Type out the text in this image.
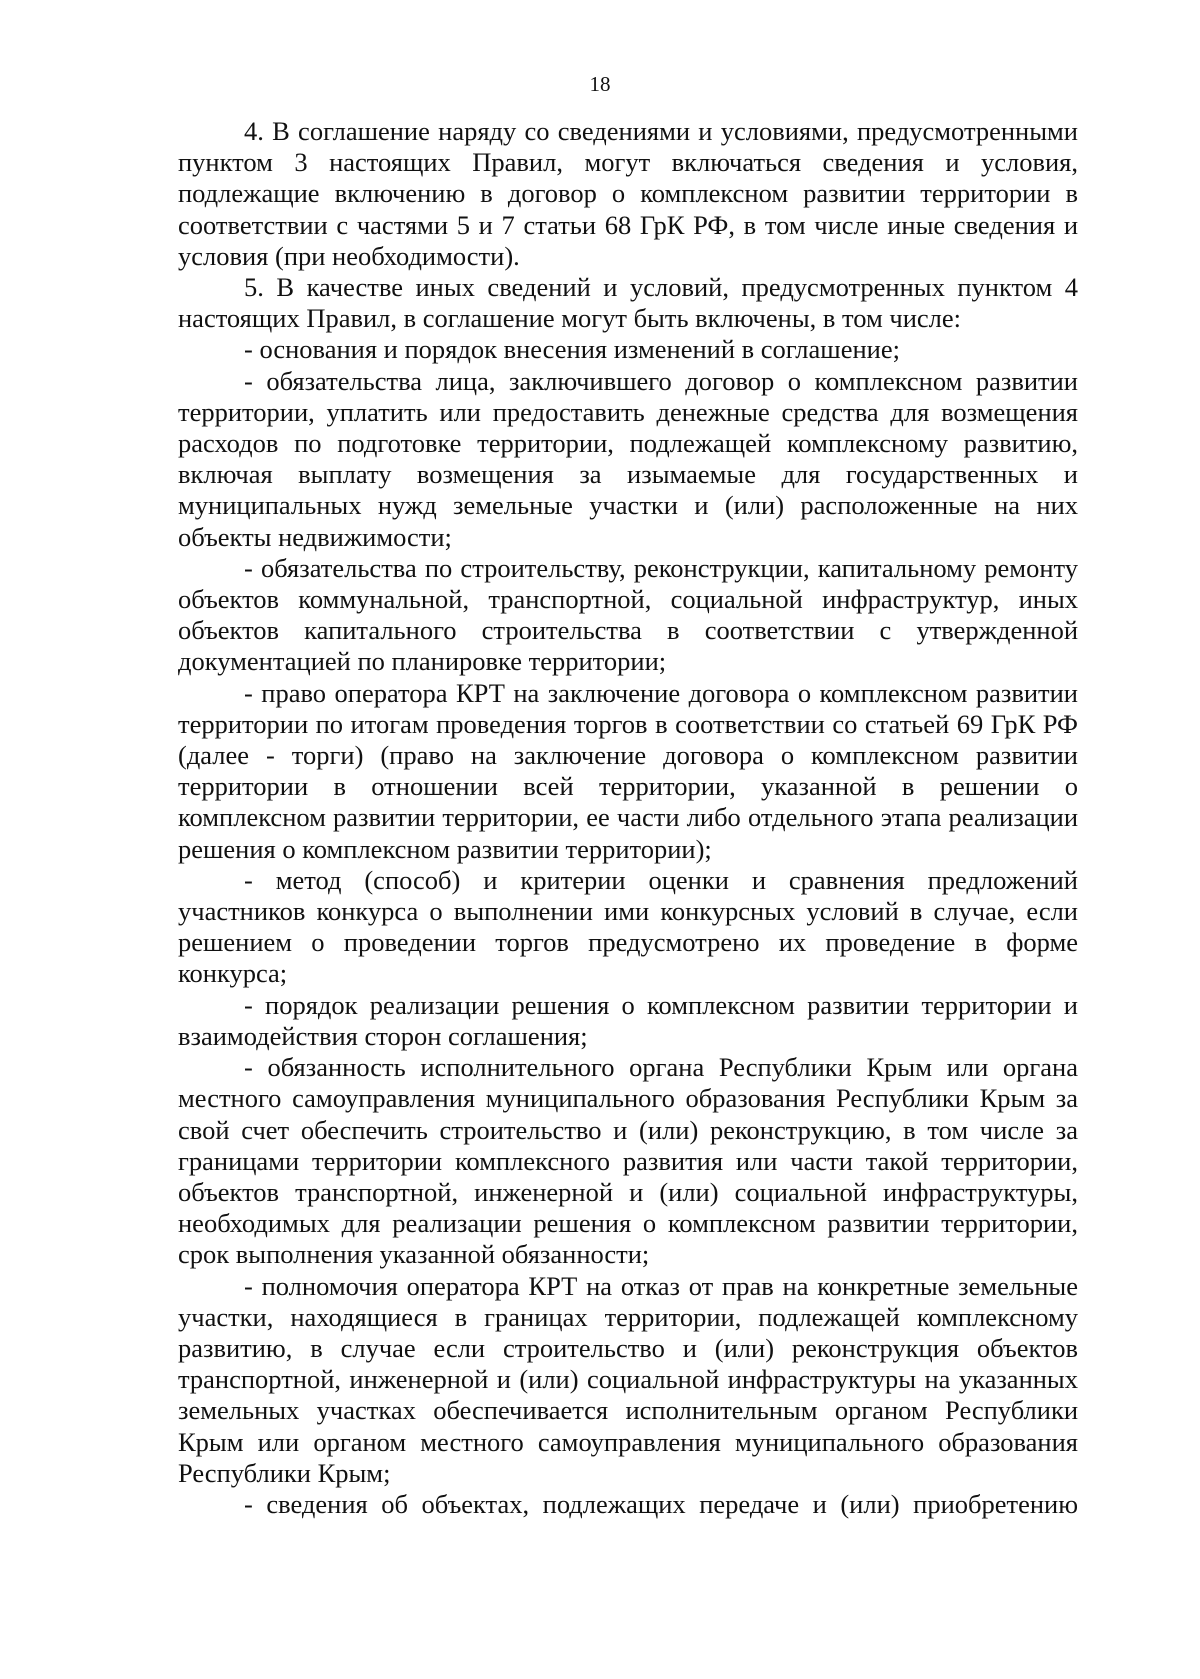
18

4. В соглашение наряду со сведениями и условиями, предусмотренными пунктом 3 настоящих Правил, могут включаться сведения и условия, подлежащие включению в договор о комплексном развитии территории в соответствии с частями 5 и 7 статьи 68 ГрК РФ, в том числе иные сведения и условия (при необходимости).

5. В качестве иных сведений и условий, предусмотренных пунктом 4 настоящих Правил, в соглашение могут быть включены, в том числе:

- основания и порядок внесения изменений в соглашение;

- обязательства лица, заключившего договор о комплексном развитии территории, уплатить или предоставить денежные средства для возмещения расходов по подготовке территории, подлежащей комплексному развитию, включая выплату возмещения за изымаемые для государственных и муниципальных нужд земельные участки и (или) расположенные на них объекты недвижимости;

- обязательства по строительству, реконструкции, капитальному ремонту объектов коммунальной, транспортной, социальной инфраструктур, иных объектов капитального строительства в соответствии с утвержденной документацией по планировке территории;

- право оператора КРТ на заключение договора о комплексном развитии территории по итогам проведения торгов в соответствии со статьей 69 ГрК РФ (далее - торги) (право на заключение договора о комплексном развитии территории в отношении всей территории, указанной в решении о комплексном развитии территории, ее части либо отдельного этапа реализации решения о комплексном развитии территории);

- метод (способ) и критерии оценки и сравнения предложений участников конкурса о выполнении ими конкурсных условий в случае, если решением о проведении торгов предусмотрено их проведение в форме конкурса;

- порядок реализации решения о комплексном развитии территории и взаимодействия сторон соглашения;

- обязанность исполнительного органа Республики Крым или органа местного самоуправления муниципального образования Республики Крым за свой счет обеспечить строительство и (или) реконструкцию, в том числе за границами территории комплексного развития или части такой территории, объектов транспортной, инженерной и (или) социальной инфраструктуры, необходимых для реализации решения о комплексном развитии территории, срок выполнения указанной обязанности;

- полномочия оператора КРТ на отказ от прав на конкретные земельные участки, находящиеся в границах территории, подлежащей комплексному развитию, в случае если строительство и (или) реконструкция объектов транспортной, инженерной и (или) социальной инфраструктуры на указанных земельных участках обеспечивается исполнительным органом Республики Крым или органом местного самоуправления муниципального образования Республики Крым;

- сведения об объектах, подлежащих передаче и (или) приобретению
